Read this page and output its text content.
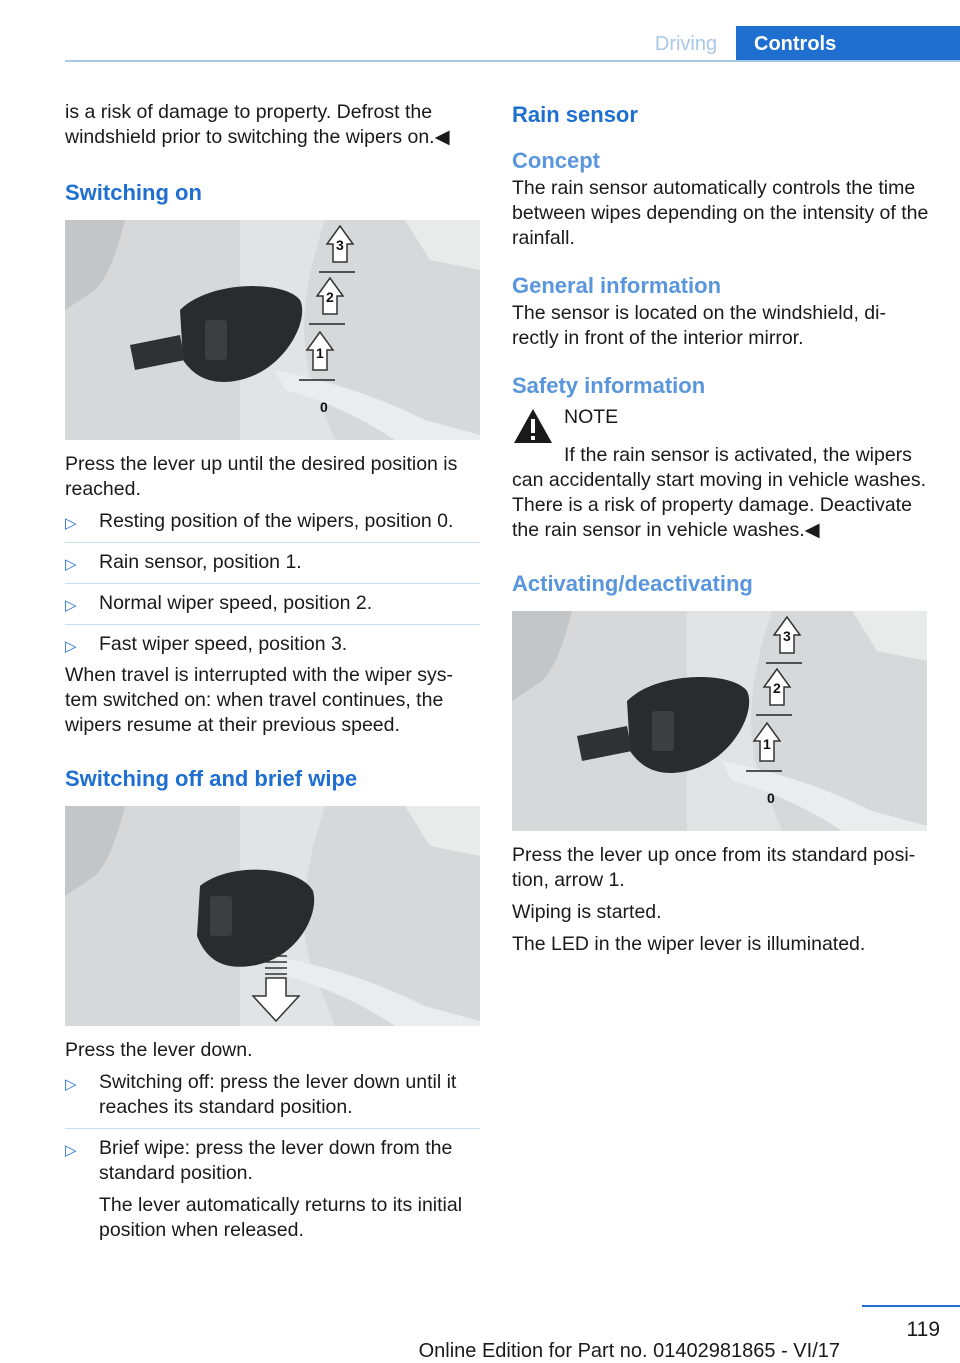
Driving	Controls

is a risk of damage to property. Defrost the windshield prior to switching the wipers on.◀

Switching on
3
2
1
0

Press the lever up until the desired position is reached.

▷ Resting position of the wipers, position 0.
▷ Rain sensor, position 1.
▷ Normal wiper speed, position 2.
▷ Fast wiper speed, position 3.

When travel is interrupted with the wiper sys‐tem switched on: when travel continues, the wipers resume at their previous speed.

Switching off and brief wipe

Press the lever down.

▷ Switching off: press the lever down until it reaches its standard position.
▷ Brief wipe: press the lever down from the standard position.
The lever automatically returns to its initial position when released.
Rain sensor
Concept

The rain sensor automatically controls the time between wipes depending on the intensity of the rainfall.

General information

The sensor is located on the windshield, di‐rectly in front of the interior mirror.

Safety information

NOTE

If the rain sensor is activated, the wipers can accidentally start moving in vehicle washes. There is a risk of property damage. Deactivate the rain sensor in vehicle washes.◀

Activating/deactivating
3
2
1
0

Press the lever up once from its standard posi‐tion, arrow 1.

Wiping is started.

The LED in the wiper lever is illuminated.

119
Online Edition for Part no. 01402981865 - VI/17
